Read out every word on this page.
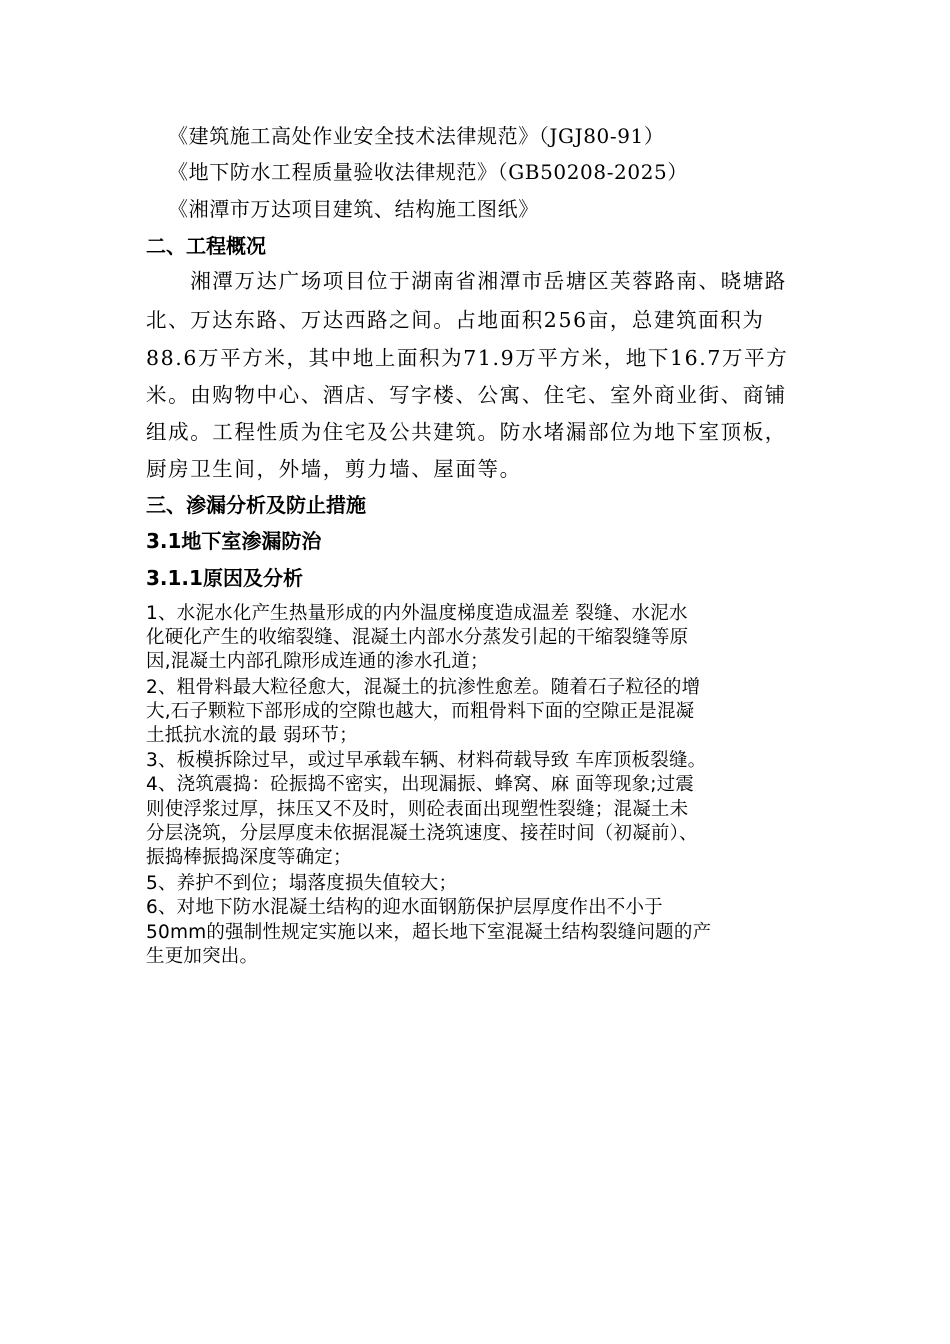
《建筑施工高处作业安全技术法律规范》（JGJ80-91）
《地下防水工程质量验收法律规范》（GB50208-2025）
《湘潭市万达项目建筑、结构施工图纸》
二、工程概况
　　湘潭万达广场项目位于湖南省湘潭市岳塘区芙蓉路南、晓塘路
北、万达东路、万达西路之间。占地面积256亩，总建筑面积为
88.6万平方米，其中地上面积为71.9万平方米，地下16.7万平方
米。由购物中心、酒店、写字楼、公寓、住宅、室外商业街、商铺
组成。工程性质为住宅及公共建筑。防水堵漏部位为地下室顶板，
厨房卫生间，外墙，剪力墙、屋面等。
三、渗漏分析及防止措施
3.1地下室渗漏防治
3.1.1原因及分析
1、水泥水化产生热量形成的内外温度梯度造成温差 裂缝、水泥水
化硬化产生的收缩裂缝、混凝土内部水分蒸发引起的干缩裂缝等原
因,混凝土内部孔隙形成连通的渗水孔道；
2、粗骨料最大粒径愈大，混凝土的抗渗性愈差。随着石子粒径的增
大,石子颗粒下部形成的空隙也越大，而粗骨料下面的空隙正是混凝
土抵抗水流的最 弱环节；
3、板模拆除过早，或过早承载车辆、材料荷载导致 车库顶板裂缝。
4、浇筑震捣：砼振捣不密实，出现漏振、蜂窝、麻 面等现象;过震
则使浮浆过厚，抹压又不及时，则砼表面出现塑性裂缝；混凝土未
分层浇筑，分层厚度未依据混凝土浇筑速度、接茬时间（初凝前）、
振捣棒振捣深度等确定；
5、养护不到位；塌落度损失值较大；
6、对地下防水混凝土结构的迎水面钢筋保护层厚度作出不小于
50mm的强制性规定实施以来，超长地下室混凝土结构裂缝问题的产
生更加突出。
